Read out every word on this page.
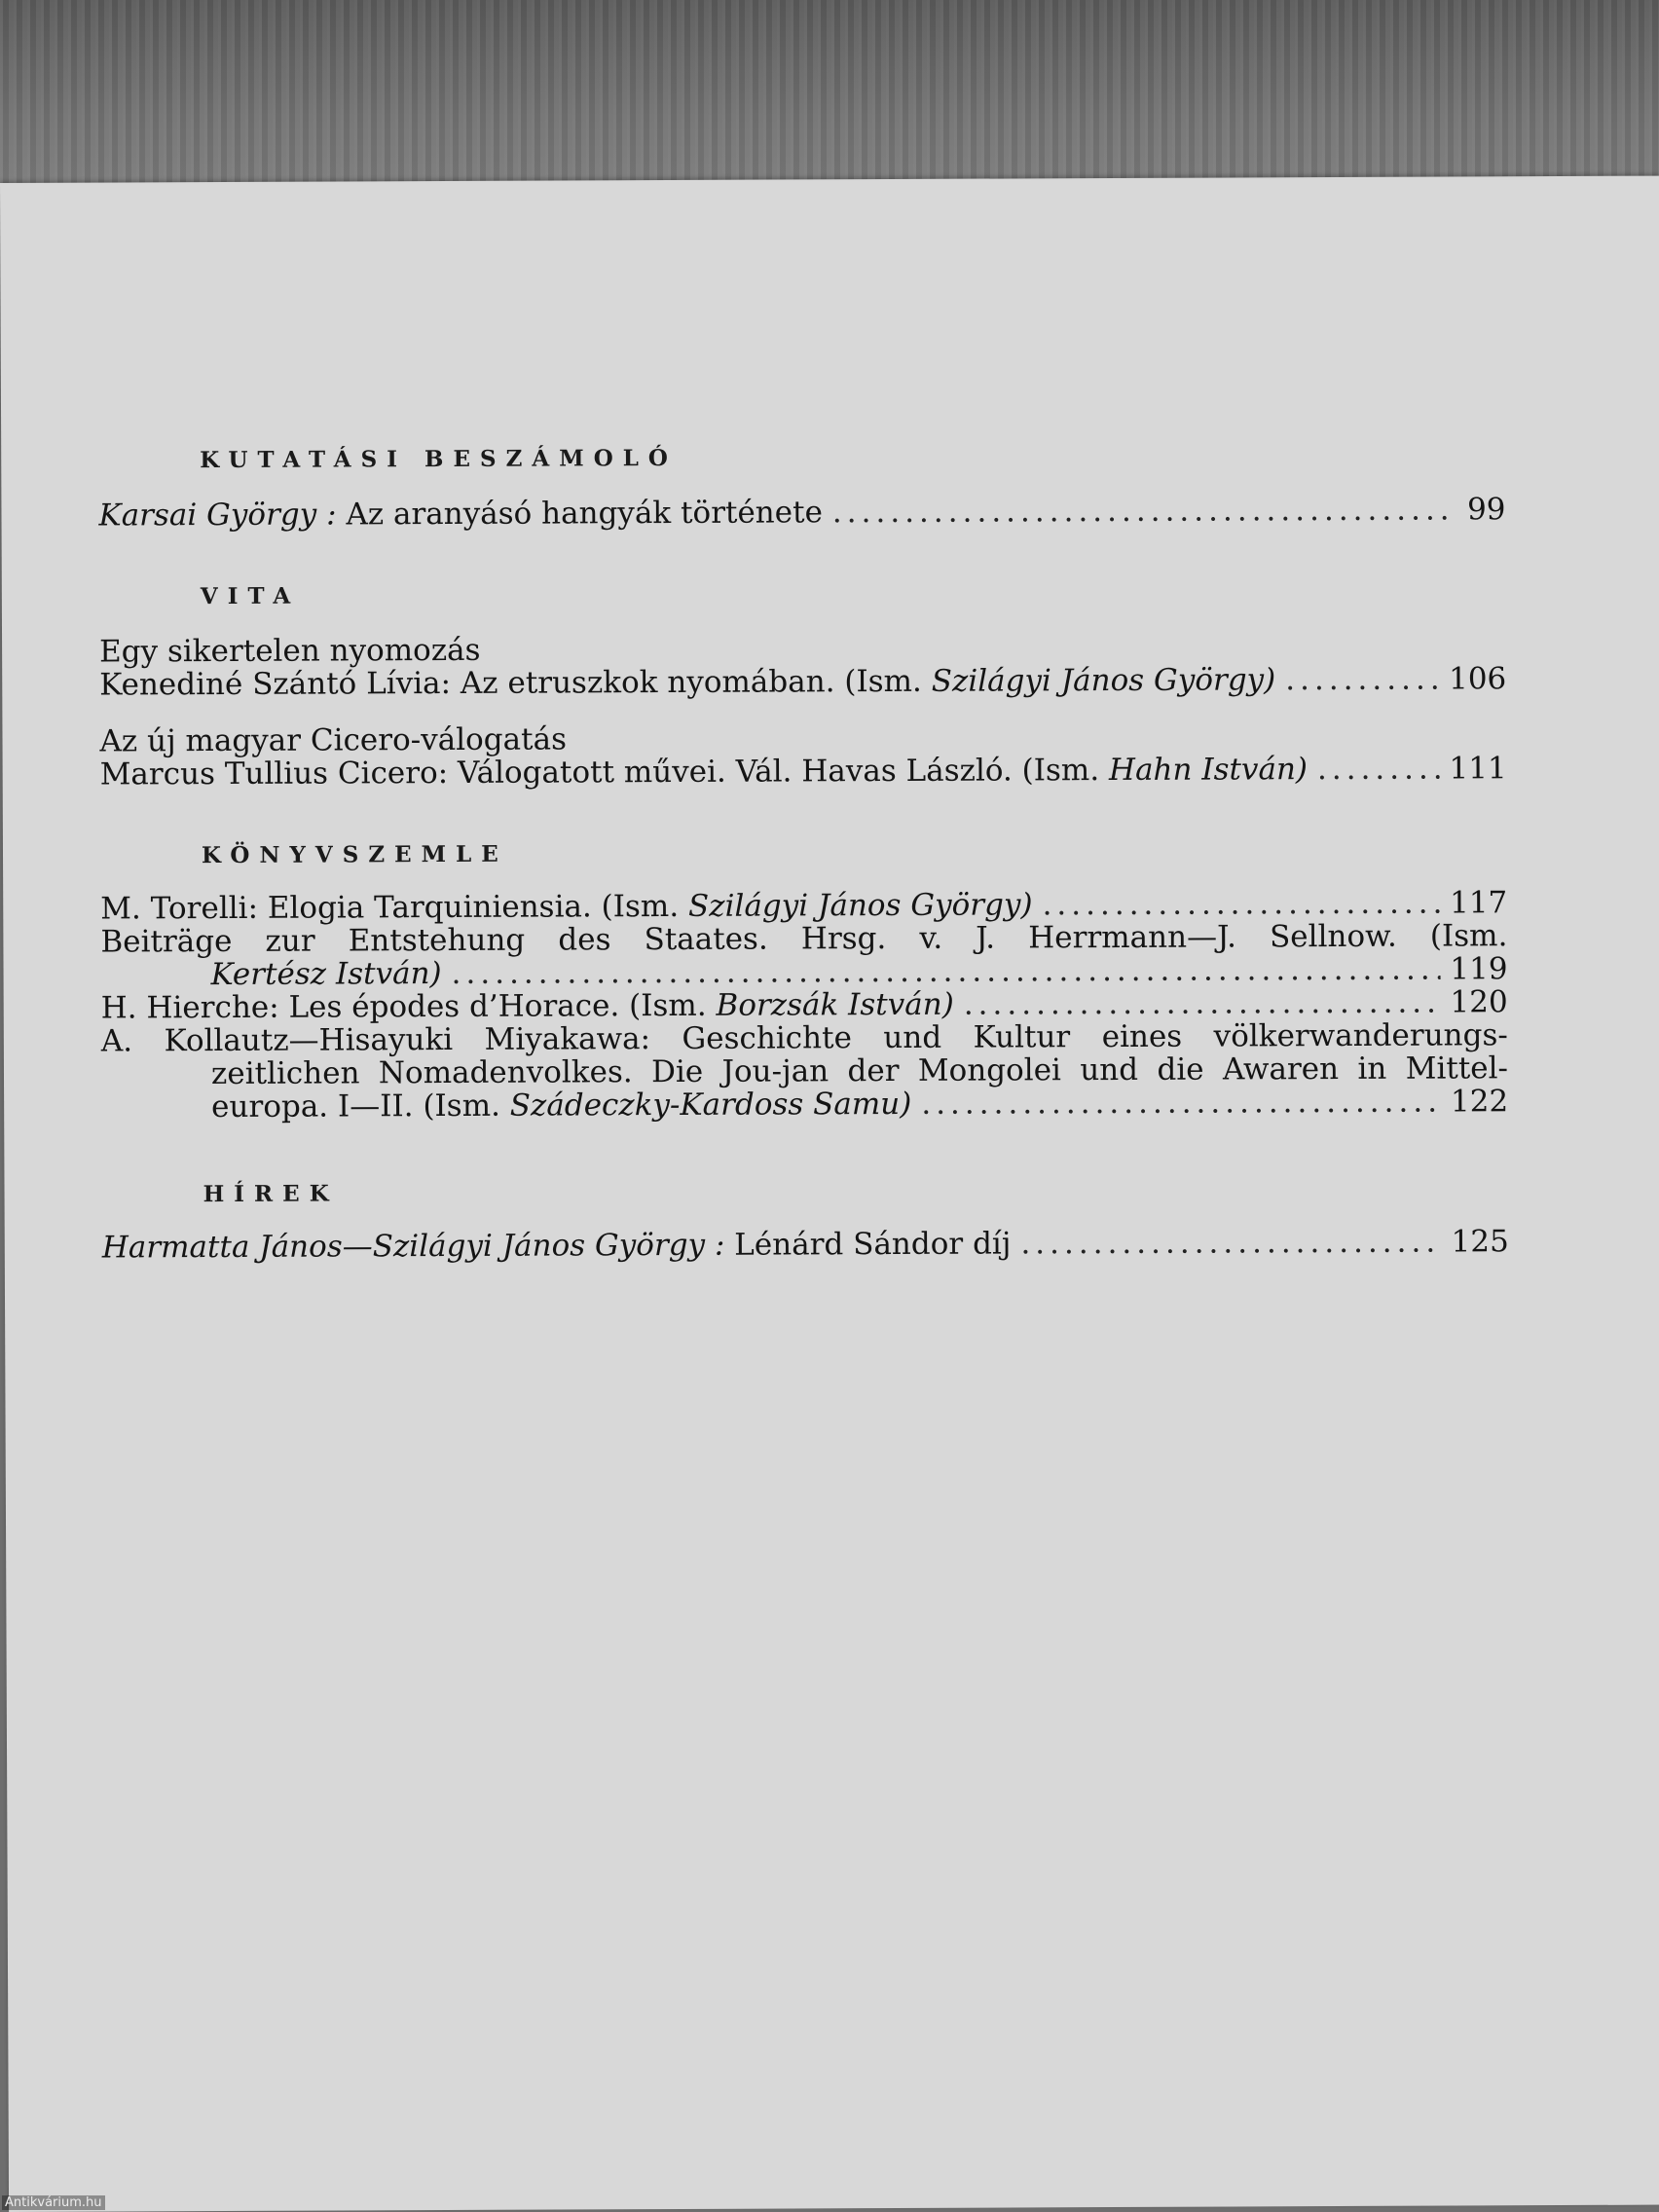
KUTATÁSI BESZÁMOLÓ
Karsai György : Az aranyásó hangyák története .....	99
VITA
Egy sikertelen nyomozás
Kenediné Szántó Lívia: Az etruszkok nyomában. (Ism. Szilágyi János György) .....	106
Az új magyar Cicero-válogatás
Marcus Tullius Cicero: Válogatott művei. Vál. Havas László. (Ism. Hahn István) .....	111
KÖNYVSZEMLE
M. Torelli: Elogia Tarquiniensia. (Ism. Szilágyi János György) .....	117
Beiträge zur Entstehung des Staates. Hrsg. v. J. Herrmann—J. Sellnow. (Ism.
Kertész István) .....	119
H. Hierche: Les épodes d’Horace. (Ism. Borzsák István) .....	120
A. Kollautz—Hisayuki Miyakawa: Geschichte und Kultur eines völkerwanderungs-
zeitlichen Nomadenvolkes. Die Jou-jan der Mongolei und die Awaren in Mittel-
europa. I—II. (Ism. Szádeczky-Kardoss Samu) .....	122
HÍREK
Harmatta János—Szilágyi János György : Lénárd Sándor díj .....	125
Antikvárium.hu
